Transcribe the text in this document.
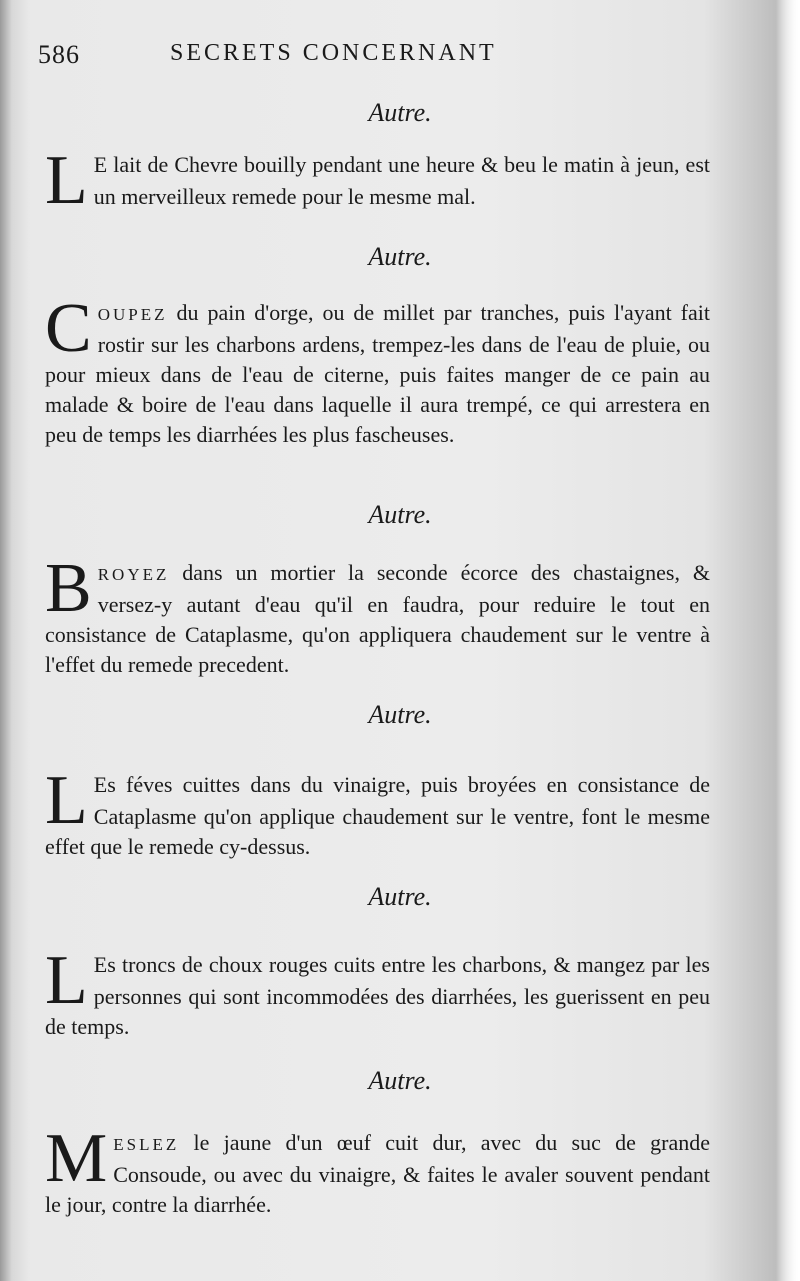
586	SECRETS CONCERNANT
Autre.
L E lait de Chevre bouilly pendant une heure & beu le matin à jeun, est un merveilleux remede pour le mesme mal.
Autre.
COUPEZ du pain d'orge, ou de millet par tranches, puis l'ayant fait rostir sur les charbons ardens, trempez-les dans de l'eau de pluie, ou pour mieux dans de l'eau de citerne, puis faites manger de ce pain au malade & boire de l'eau dans laquelle il aura trempé, ce qui arrestera en peu de temps les diarrhées les plus fascheuses.
Autre.
BROYEZ dans un mortier la seconde écorce des chastaignes, & versez-y autant d'eau qu'il en faudra, pour reduire le tout en consistance de Cataplasme, qu'on appliquera chaudement sur le ventre à l'effet du remede precedent.
Autre.
L Es féves cuittes dans du vinaigre, puis broyées en consistance de Cataplasme qu'on applique chaudement sur le ventre, font le mesme effet que le remede cy-dessus.
Autre.
L Es troncs de choux rouges cuits entre les charbons, & mangez par les personnes qui sont incommodées des diarrhées, les guerissent en peu de temps.
Autre.
MESLEZ le jaune d'un œuf cuit dur, avec du suc de grande Consoude, ou avec du vinaigre, & faites le avaler souvent pendant le jour, contre la diarrhée.
